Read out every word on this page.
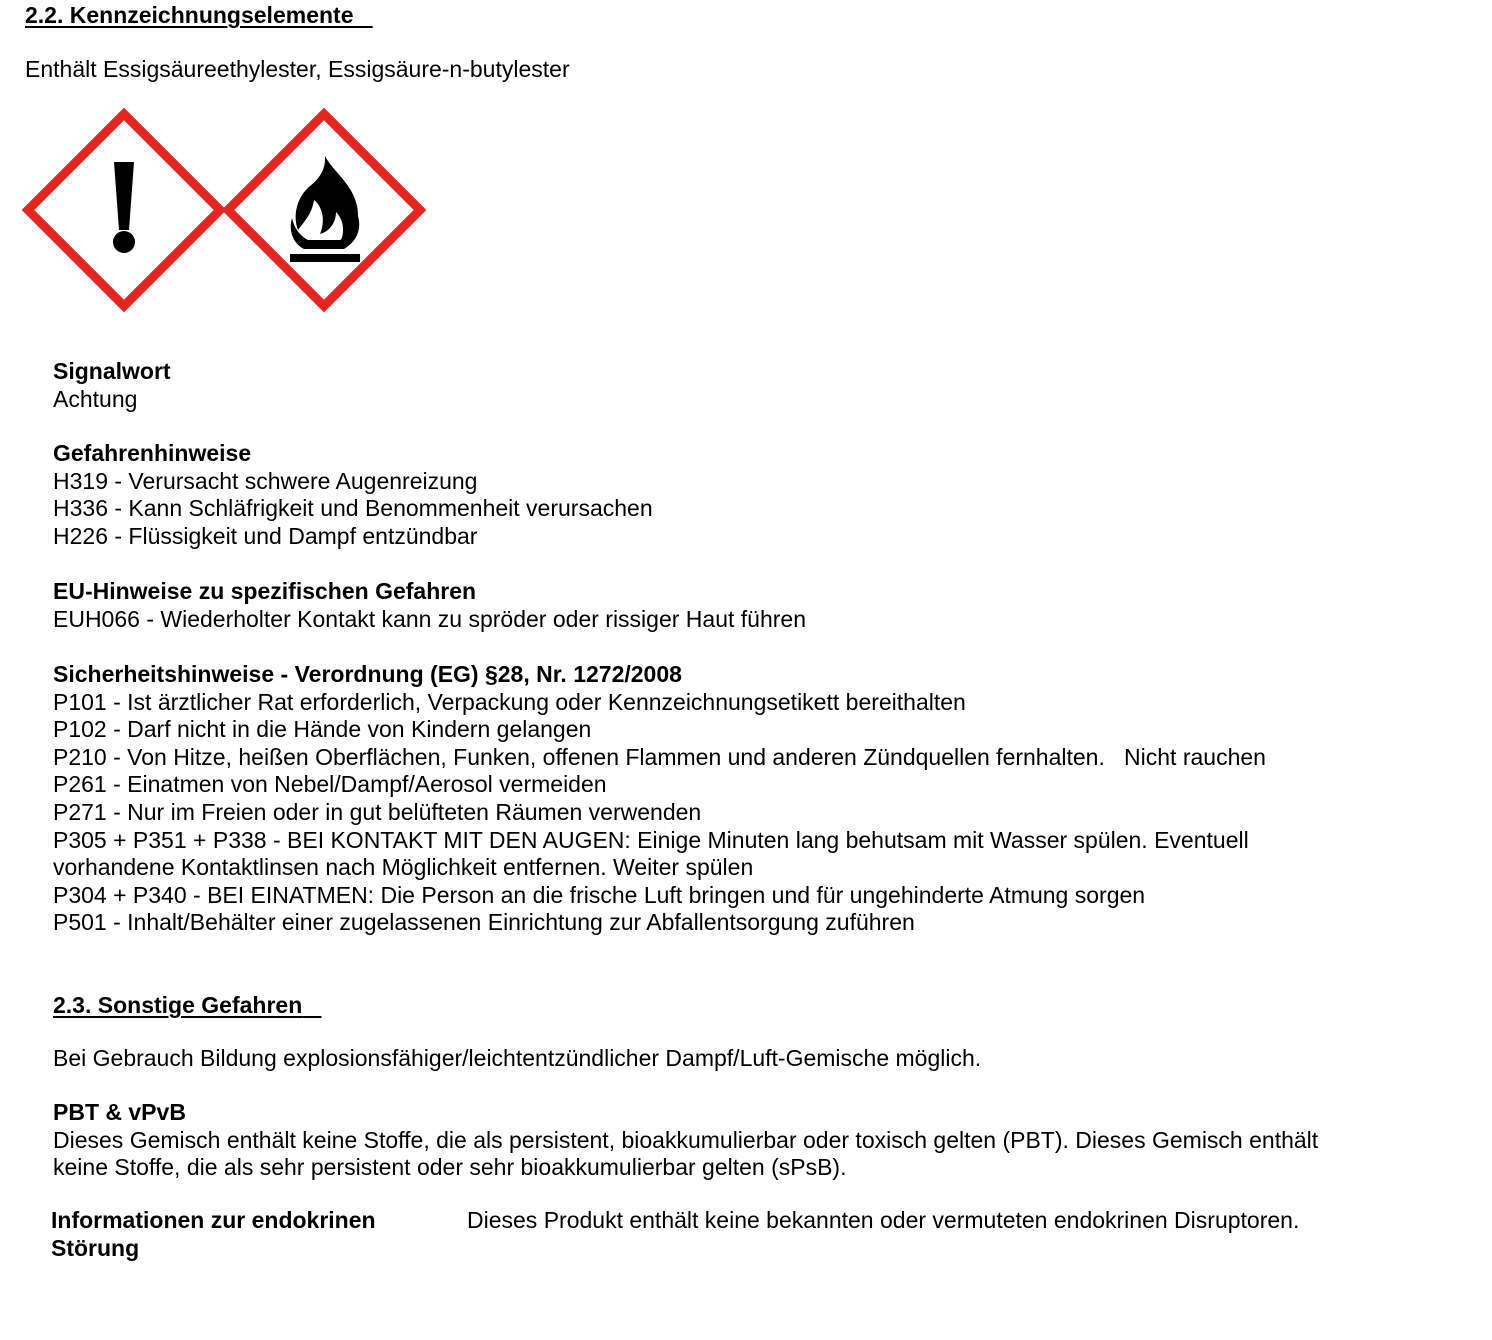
2.2. Kennzeichnungselemente
Enthält Essigsäureethylester, Essigsäure-n-butylester
Signalwort
Achtung
Gefahrenhinweise
H319 - Verursacht schwere Augenreizung
H336 - Kann Schläfrigkeit und Benommenheit verursachen
H226 - Flüssigkeit und Dampf entzündbar
EU-Hinweise zu spezifischen Gefahren
EUH066 - Wiederholter Kontakt kann zu spröder oder rissiger Haut führen
Sicherheitshinweise - Verordnung (EG) §28, Nr. 1272/2008
P101 - Ist ärztlicher Rat erforderlich, Verpackung oder Kennzeichnungsetikett bereithalten
P102 - Darf nicht in die Hände von Kindern gelangen
P210 - Von Hitze, heißen Oberflächen, Funken, offenen Flammen und anderen Zündquellen fernhalten.   Nicht rauchen
P261 - Einatmen von Nebel/Dampf/Aerosol vermeiden
P271 - Nur im Freien oder in gut belüfteten Räumen verwenden
P305 + P351 + P338 - BEI KONTAKT MIT DEN AUGEN: Einige Minuten lang behutsam mit Wasser spülen. Eventuell
vorhandene Kontaktlinsen nach Möglichkeit entfernen. Weiter spülen
P304 + P340 - BEI EINATMEN: Die Person an die frische Luft bringen und für ungehinderte Atmung sorgen
P501 - Inhalt/Behälter einer zugelassenen Einrichtung zur Abfallentsorgung zuführen
2.3. Sonstige Gefahren
Bei Gebrauch Bildung explosionsfähiger/leichtentzündlicher Dampf/Luft-Gemische möglich.
PBT & vPvB
Dieses Gemisch enthält keine Stoffe, die als persistent, bioakkumulierbar oder toxisch gelten (PBT). Dieses Gemisch enthält
keine Stoffe, die als sehr persistent oder sehr bioakkumulierbar gelten (sPsB).
Informationen zur endokrinen
Störung
Dieses Produkt enthält keine bekannten oder vermuteten endokrinen Disruptoren.
